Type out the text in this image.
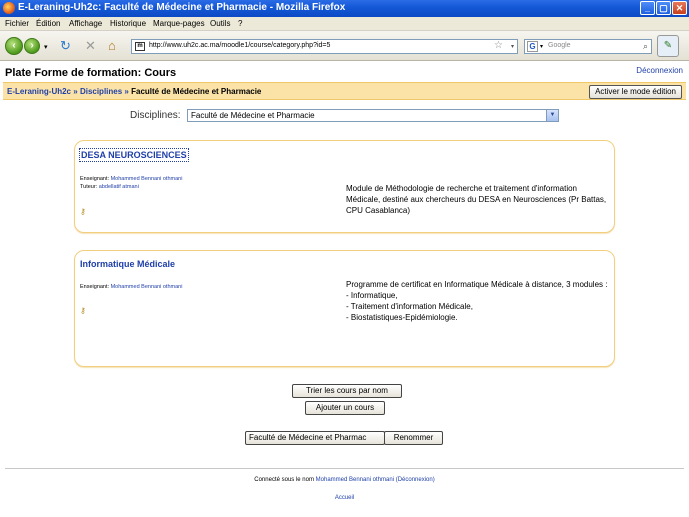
E-Leraning-Uh2c: Faculté de Médecine et Pharmacie - Mozilla Firefox	_	▢ ✕
Fichier Édition Affichage Historique Marque-pages Outils ?
‹	›	▾ ↻ ✕ ⌂	m http://www.uh2c.ac.ma/moodle1/course/category.php?id=5	☆ ▾ G ▾ Google	⌕	✎
Plate Forme de formation: Cours	Déconnexion
E-Leraning-Uh2c » Disciplines » Faculté de Médecine et Pharmacie	Activer le mode édition
Disciplines: Faculté de Médecine et Pharmacie	▼
DESA NEUROSCIENCES
Enseignant: Mohammed Bennani othmani
Tuteur: abdellatif atmani
⚷
Module de Méthodologie de recherche et traitement d'information Médicale, destiné aux chercheurs du DESA en Neurosciences (Pr Battas, CPU Casablanca)
Informatique Médicale
Enseignant: Mohammed Bennani othmani
⚷
Programme de certificat en Informatique Médicale à distance, 3 modules :
- Informatique,
- Traitement d'information Médicale,
- Biostatistiques-Epidémiologie.
Trier les cours par nom
Ajouter un cours
Faculté de Médecine et Pharmac	Renommer
Connecté sous le nom Mohammed Bennani othmani (Déconnexion)
Accueil
